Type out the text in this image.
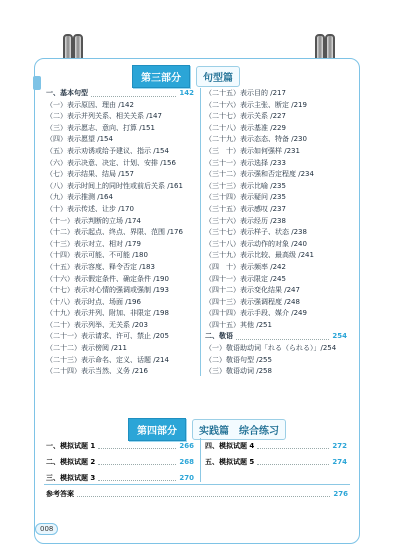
第三部分	句型篇
一、基本句型	142
（一）表示原因、理由 /142
（二）表示并列关系、相关关系 /147
（三）表示愿志、意向、打算 /151
（四）表示愿望 /154
（五）表示劝诱或给予建议、指示 /154
（六）表示决意、决定、计划、安排 /156
（七）表示结果、结局 /157
（八）表示时间上的同时性或前后关系 /161
（九）表示推测 /164
（十）表示传述、让步 /170
（十一）表示判断的立场 /174
（十二）表示起点、终点、界限、范围 /176
（十三）表示对立、相对 /179
（十四）表示可能、不可能 /180
（十五）表示容度、释令否定 /183
（十六）表示假定条件、确定条件 /190
（十七）表示对心情的强调或强制 /193
（十八）表示时点、场面 /196
（十九）表示并列、附加、非限定 /198
（二十）表示列举、无关系 /203
（二十一）表示请求、许可、禁止 /205
（二十二）表示傍阅 /211
（二十三）表示命名、定义、话题 /214
（二十四）表示当然、义务 /216
（二十五）表示目的 /217
（二十六）表示主张、断定 /219
（二十七）表示关系 /227
（二十八）表示基准 /229
（二十九）表示态态、特备 /230
（三　十）表示如何强样 /231
（三十一）表示选择 /233
（三十二）表示强和否定程度 /234
（三十三）表示比喻 /235
（三十四）表示疑问 /235
（三十五）表示感叹 /237
（三十六）表示经历 /238
（三十七）表示样子、状态 /238
（三十八）表示动作的对象 /240
（三十九）表示比较、最高级 /241
（四　十）表示频率 /242
（四十一）表示限定 /245
（四十二）表示变化结果 /247
（四十三）表示强调程度 /248
（四十四）表示手段、媒介 /249
（四十五）其他 /251
二、敬语	254
（一）敬语助动词「れる（られる）」/254
（二）敬语句型 /255
（三）敬语动词 /258
第四部分	实践篇　综合练习
一、模拟试题 1	266
二、模拟试题 2	268
三、模拟试题 3	270
四、模拟试题 4	272
五、模拟试题 5	274
参考答案	276
008
